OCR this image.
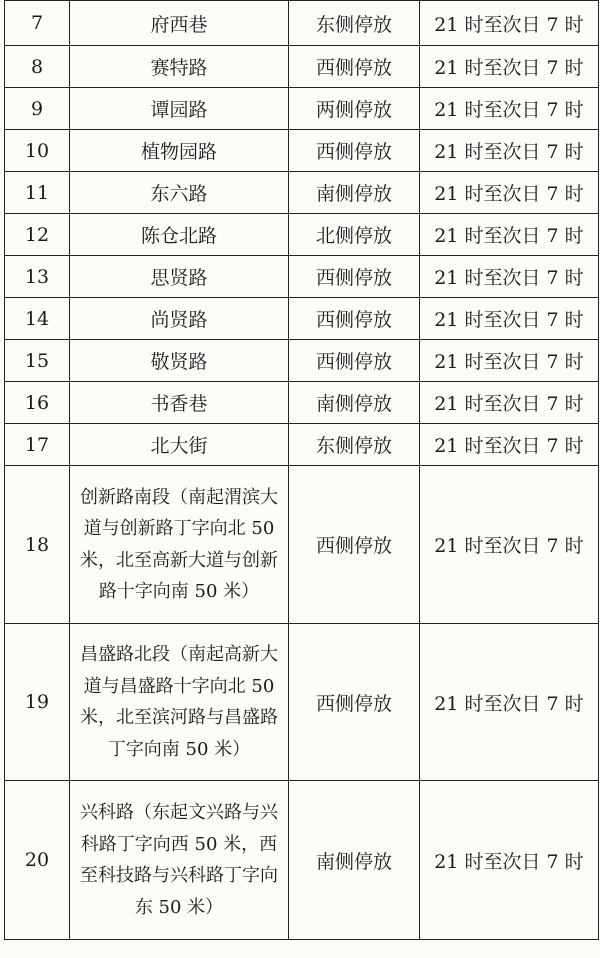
7	府西巷	东侧停放	21 时至次日 7 时
8	赛特路	西侧停放	21 时至次日 7 时
9	谭园路	两侧停放	21 时至次日 7 时
10	植物园路	西侧停放	21 时至次日 7 时
11	东六路	南侧停放	21 时至次日 7 时
12	陈仓北路	北侧停放	21 时至次日 7 时
13	思贤路	西侧停放	21 时至次日 7 时
14	尚贤路	西侧停放	21 时至次日 7 时
15	敬贤路	西侧停放	21 时至次日 7 时
16	书香巷	南侧停放	21 时至次日 7 时
17	北大街	东侧停放	21 时至次日 7 时
18	创新路南段（南起渭滨大道与创新路丁字向北 50 米，北至高新大道与创新路十字向南 50 米）	西侧停放	21 时至次日 7 时
19	昌盛路北段（南起高新大道与昌盛路十字向北 50 米，北至滨河路与昌盛路丁字向南 50 米）	西侧停放	21 时至次日 7 时
20	兴科路（东起文兴路与兴科路丁字向西 50 米，西至科技路与兴科路丁字向东 50 米）	南侧停放	21 时至次日 7 时
